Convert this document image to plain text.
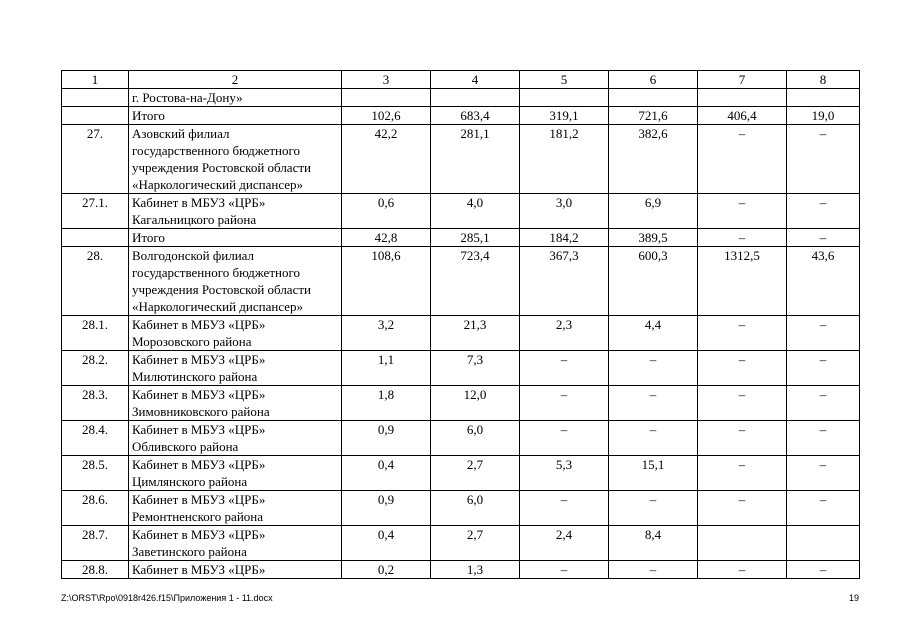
1	2	3	4	5	6	7	8

	г. Ростова-на-Дону»						

	Итого	102,6	683,4	319,1	721,6	406,4	19,0
27.	Азовский филиал
государственного бюджетного
учреждения Ростовской области
«Наркологический диспансер»	42,2	281,1	181,2	382,6	–	–
27.1.	Кабинет в МБУЗ «ЦРБ»
Кагальницкого района	0,6	4,0	3,0	6,9	–	–

	Итого	42,8	285,1	184,2	389,5	–	–
28.	Волгодонской филиал
государственного бюджетного
учреждения Ростовской области
«Наркологический диспансер»	108,6	723,4	367,3	600,3	1312,5	43,6
28.1.	Кабинет в МБУЗ «ЦРБ»
Морозовского района	3,2	21,3	2,3	4,4	–	–
28.2.	Кабинет в МБУЗ «ЦРБ»
Милютинского района	1,1	7,3	–	–	–	–
28.3.	Кабинет в МБУЗ «ЦРБ»
Зимовниковского района	1,8	12,0	–	–	–	–
28.4.	Кабинет в МБУЗ «ЦРБ»
Обливского района	0,9	6,0	–	–	–	–
28.5.	Кабинет в МБУЗ «ЦРБ»
Цимлянского района	0,4	2,7	5,3	15,1	–	–
28.6.	Кабинет в МБУЗ «ЦРБ»
Ремонтненского района	0,9	6,0	–	–	–	–
28.7.	Кабинет в МБУЗ «ЦРБ»
Заветинского района	0,4	2,7	2,4	8,4		
28.8.	Кабинет в МБУЗ «ЦРБ»	0,2	1,3	–	–	–	–
Z:\ORST\Rpo\0918r426.f15\Приложения 1 - 11.docx	19
